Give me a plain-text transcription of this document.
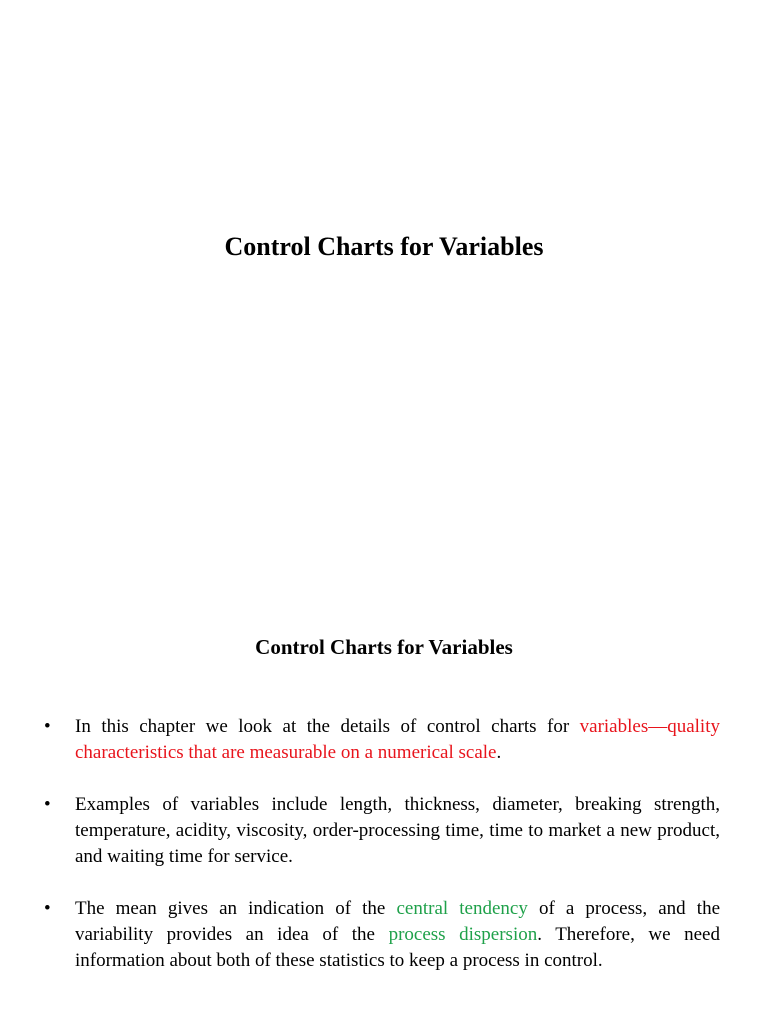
Control Charts for Variables
Control Charts for Variables
• In this chapter we look at the details of control charts for variables—quality characteristics that are measurable on a numerical scale.
• Examples of variables include length, thickness, diameter, breaking strength, temperature, acidity, viscosity, order-processing time, time to market a new product, and waiting time for service.
• The mean gives an indication of the central tendency of a process, and the variability provides an idea of the process dispersion. Therefore, we need information about both of these statistics to keep a process in control.
